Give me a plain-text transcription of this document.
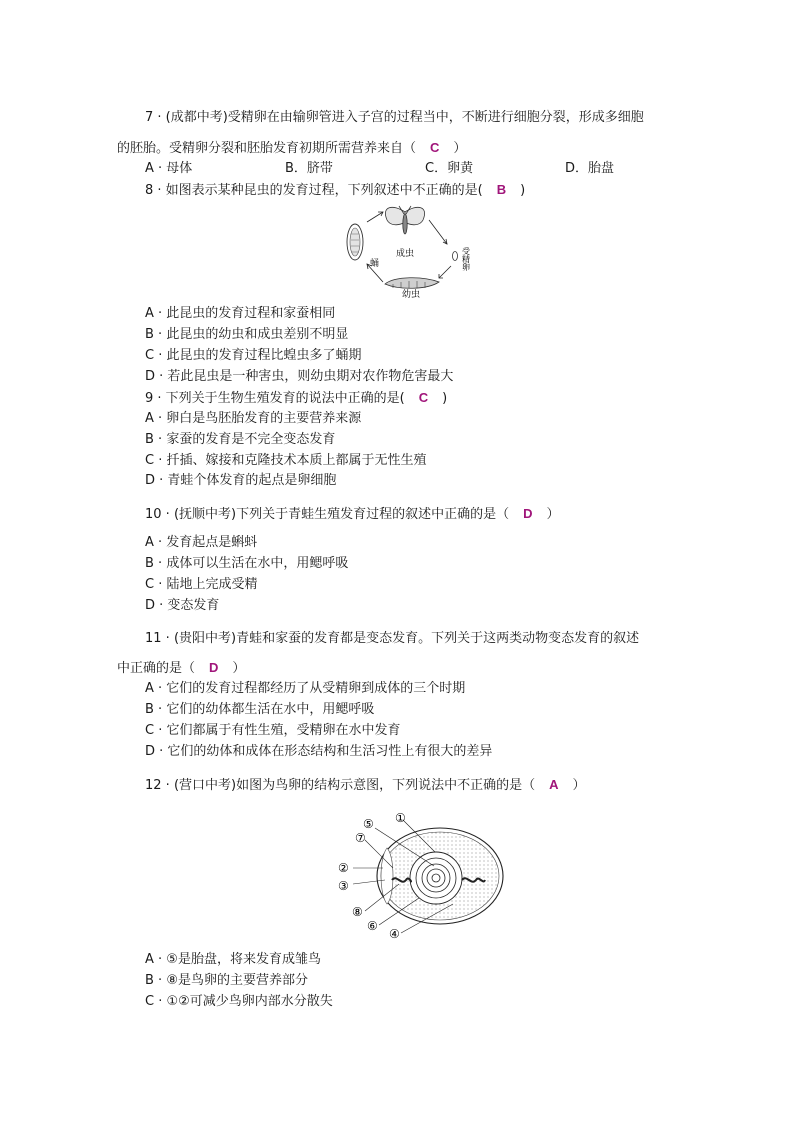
7 · (成都中考)受精卵在由输卵管进入子宫的过程当中，不断进行细胞分裂，形成多细胞
的胚胎。受精卵分裂和胚胎发育初期所需营养来自（ C ）
A · 母体	B．脐带	C．卵黄	D．胎盘
8 · 如图表示某种昆虫的发育过程，下列叙述中不正确的是( B )
成虫	受精卵
幼虫
蛹
A · 此昆虫的发育过程和家蚕相同
B · 此昆虫的幼虫和成虫差别不明显
C · 此昆虫的发育过程比蝗虫多了蛹期
D · 若此昆虫是一种害虫，则幼虫期对农作物危害最大
9 · 下列关于生物生殖发育的说法中正确的是( C )
A · 卵白是鸟胚胎发育的主要营养来源
B · 家蚕的发育是不完全变态发育
C · 扦插、嫁接和克隆技术本质上都属于无性生殖
D · 青蛙个体发育的起点是卵细胞
10 · (抚顺中考)下列关于青蛙生殖发育过程的叙述中正确的是（ D ）
A · 发育起点是蝌蚪
B · 成体可以生活在水中，用鳃呼吸
C · 陆地上完成受精
D · 变态发育
11 · (贵阳中考)青蛙和家蚕的发育都是变态发育。下列关于这两类动物变态发育的叙述
中正确的是（ D ）
A · 它们的发育过程都经历了从受精卵到成体的三个时期
B · 它们的幼体都生活在水中，用鳃呼吸
C · 它们都属于有性生殖，受精卵在水中发育
D · 它们的幼体和成体在形态结构和生活习性上有很大的差异
12 · (营口中考)如图为鸟卵的结构示意图，下列说法中不正确的是（ A ）
①
②
③
④
⑤
⑥
⑦
⑧
A · ⑤是胎盘，将来发育成雏鸟
B · ⑧是鸟卵的主要营养部分
C · ①②可减少鸟卵内部水分散失
